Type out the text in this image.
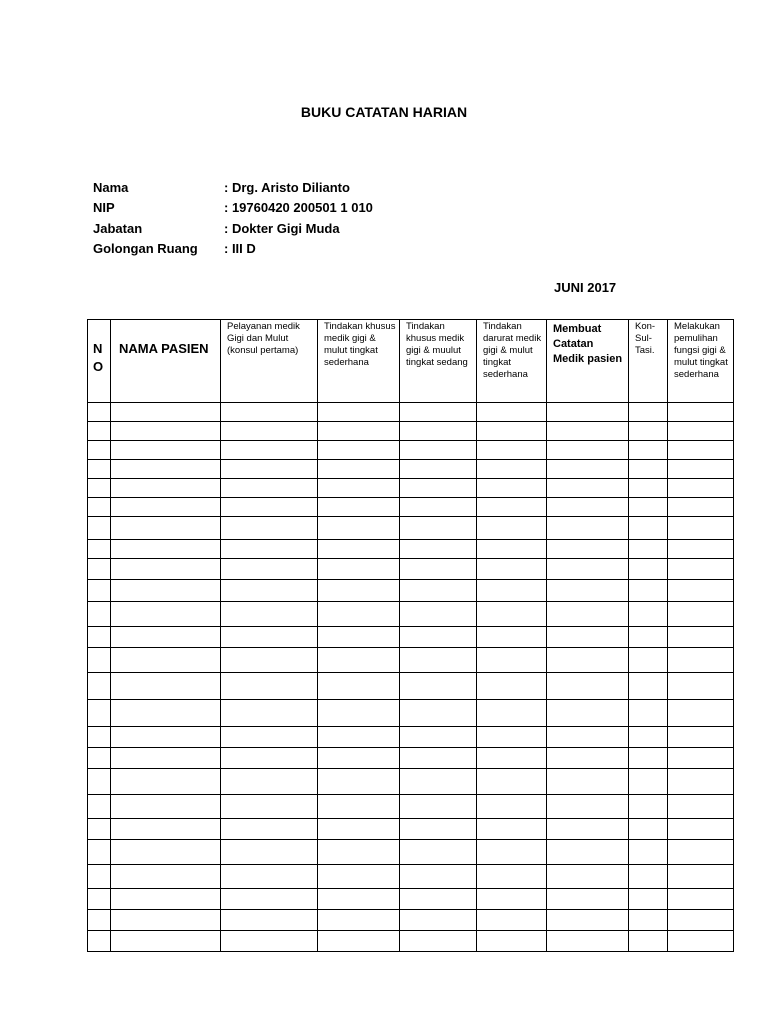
BUKU CATATAN HARIAN
Nama	: Drg. Aristo Dilianto
NIP	: 19760420 200501 1 010
Jabatan	: Dokter Gigi Muda
Golongan Ruang	: III D
JUNI 2017
N O	NAMA PASIEN	Pelayanan medik Gigi dan Mulut (konsul pertama)	Tindakan khusus medik gigi & mulut tingkat sederhana	Tindakan khusus medik gigi & muulut tingkat sedang	Tindakan darurat medik gigi & mulut tingkat sederhana	Membuat Catatan Medik pasien	Kon-Sul-Tasi.	Melakukan pemulihan fungsi gigi & mulut tingkat sederhana
